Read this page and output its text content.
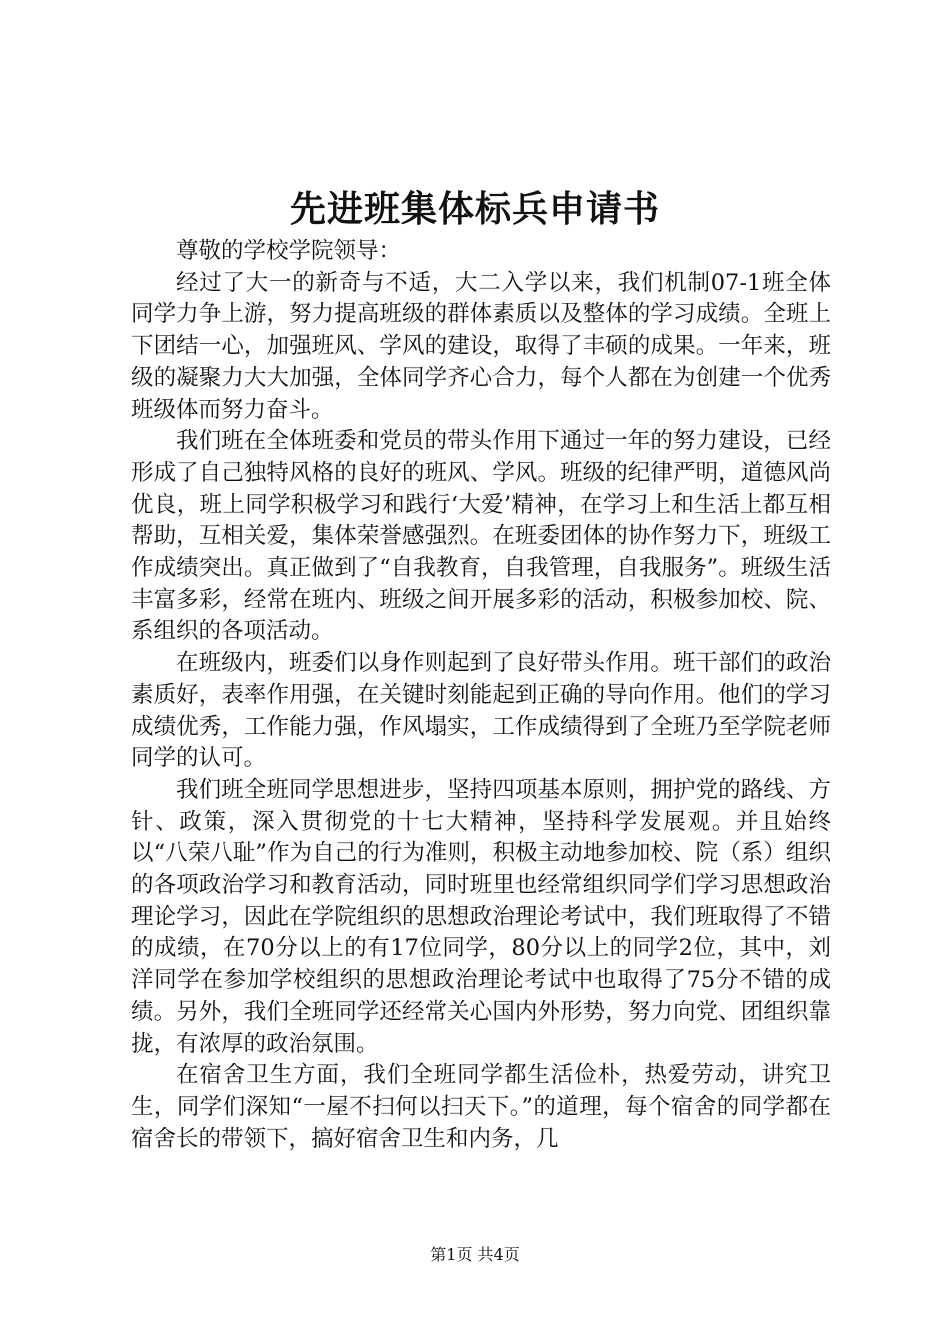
先进班集体标兵申请书

尊敬的学校学院领导：

经过了大一的新奇与不适，大二入学以来，我们机制07-1班全体同学力争上游，努力提高班级的群体素质以及整体的学习成绩。全班上下团结一心，加强班风、学风的建设，取得了丰硕的成果。一年来，班级的凝聚力大大加强，全体同学齐心合力，每个人都在为创建一个优秀班级体而努力奋斗。

我们班在全体班委和党员的带头作用下通过一年的努力建设，已经形成了自己独特风格的良好的班风、学风。班级的纪律严明，道德风尚优良，班上同学积极学习和践行‘大爱’精神，在学习上和生活上都互相帮助，互相关爱，集体荣誉感强烈。在班委团体的协作努力下，班级工作成绩突出。真正做到了“自我教育，自我管理，自我服务”。班级生活丰富多彩，经常在班内、班级之间开展多彩的活动，积极参加校、院、系组织的各项活动。

在班级内，班委们以身作则起到了良好带头作用。班干部们的政治素质好，表率作用强，在关键时刻能起到正确的导向作用。他们的学习成绩优秀，工作能力强，作风塌实，工作成绩得到了全班乃至学院老师同学的认可。

我们班全班同学思想进步，坚持四项基本原则，拥护党的路线、方针、政策，深入贯彻党的十七大精神，坚持科学发展观。并且始终以“八荣八耻”作为自己的行为准则，积极主动地参加校、院（系）组织的各项政治学习和教育活动，同时班里也经常组织同学们学习思想政治理论学习，因此在学院组织的思想政治理论考试中，我们班取得了不错的成绩，在70分以上的有17位同学，80分以上的同学2位，其中，刘洋同学在参加学校组织的思想政治理论考试中也取得了75分不错的成绩。另外，我们全班同学还经常关心国内外形势，努力向党、团组织靠拢，有浓厚的政治氛围。

在宿舍卫生方面，我们全班同学都生活俭朴，热爱劳动，讲究卫生，同学们深知“一屋不扫何以扫天下。”的道理，每个宿舍的同学都在宿舍长的带领下，搞好宿舍卫生和内务，几

第1页 共4页
